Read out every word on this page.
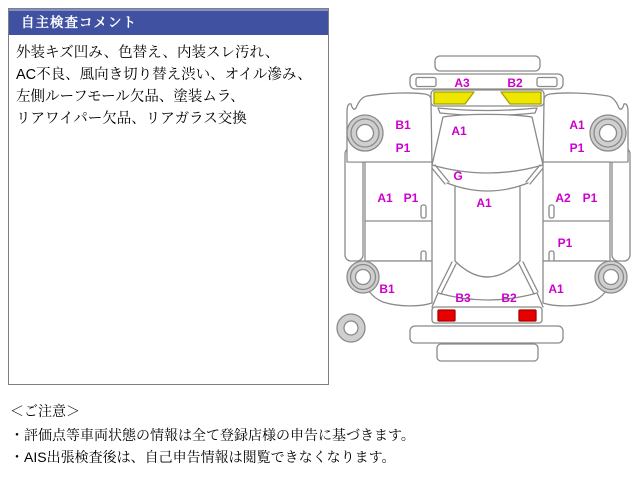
自主検査コメント
外装キズ凹み、色替え、内装スレ汚れ、
AC不良、風向き切り替え渋い、オイル滲み、
左側ルーフモール欠品、塗装ムラ、
リアワイパー欠品、リアガラス交換
A3	B2
B1
P1
A1	A1
P1
G
A1 P1	A1	A2 P1
P1
B1	A1
B3	B2
＜ご注意＞
・評価点等車両状態の情報は全て登録店様の申告に基づきます。
・AIS出張検査後は、自己申告情報は閲覧できなくなります。
